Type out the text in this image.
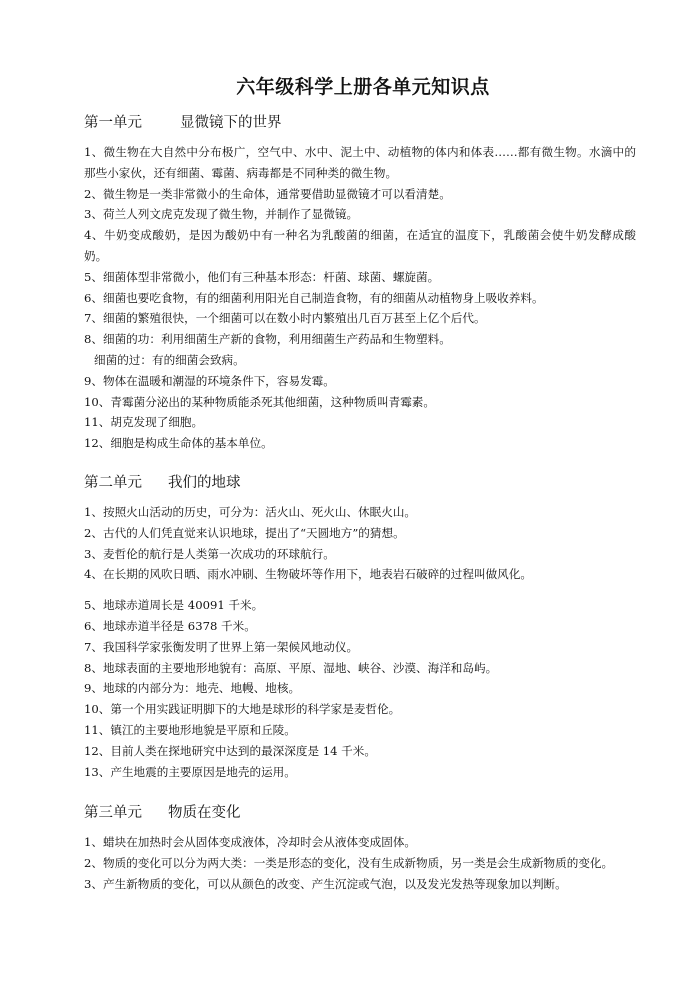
六年级科学上册各单元知识点
第一单元	显微镜下的世界
1、微生物在大自然中分布极广，空气中、水中、泥土中、动植物的体内和体表……都有微生物。水滴中的那些小家伙，还有细菌、霉菌、病毒都是不同种类的微生物。
2、微生物是一类非常微小的生命体，通常要借助显微镜才可以看清楚。
3、荷兰人列文虎克发现了微生物，并制作了显微镜。
4、牛奶变成酸奶，是因为酸奶中有一种名为乳酸菌的细菌，在适宜的温度下，乳酸菌会使牛奶发酵成酸奶。
5、细菌体型非常微小，他们有三种基本形态：杆菌、球菌、螺旋菌。
6、细菌也要吃食物，有的细菌利用阳光自己制造食物，有的细菌从动植物身上吸收养料。
7、细菌的繁殖很快，一个细菌可以在数小时内繁殖出几百万甚至上亿个后代。
8、细菌的功：利用细菌生产新的食物，利用细菌生产药品和生物塑料。
细菌的过：有的细菌会致病。
9、物体在温暖和潮湿的环境条件下，容易发霉。
10、青霉菌分泌出的某种物质能杀死其他细菌，这种物质叫青霉素。
11、胡克发现了细胞。
12、细胞是构成生命体的基本单位。
第二单元 我们的地球
1、按照火山活动的历史，可分为：活火山、死火山、休眠火山。
2、古代的人们凭直觉来认识地球，提出了“天圆地方”的猜想。
3、麦哲伦的航行是人类第一次成功的环球航行。
4、在长期的风吹日晒、雨水冲刷、生物破坏等作用下，地表岩石破碎的过程叫做风化。
5、地球赤道周长是 40091 千米。
6、地球赤道半径是 6378 千米。
7、我国科学家张衡发明了世界上第一架候风地动仪。
8、地球表面的主要地形地貌有：高原、平原、湿地、峡谷、沙漠、海洋和岛屿。
9、地球的内部分为：地壳、地幔、地核。
10、第一个用实践证明脚下的大地是球形的科学家是麦哲伦。
11、镇江的主要地形地貌是平原和丘陵。
12、目前人类在探地研究中达到的最深深度是 14 千米。
13、产生地震的主要原因是地壳的运用。
第三单元 物质在变化
1、蜡块在加热时会从固体变成液体，冷却时会从液体变成固体。
2、物质的变化可以分为两大类：一类是形态的变化，没有生成新物质，另一类是会生成新物质的变化。
3、产生新物质的变化，可以从颜色的改变、产生沉淀或气泡，以及发光发热等现象加以判断。
